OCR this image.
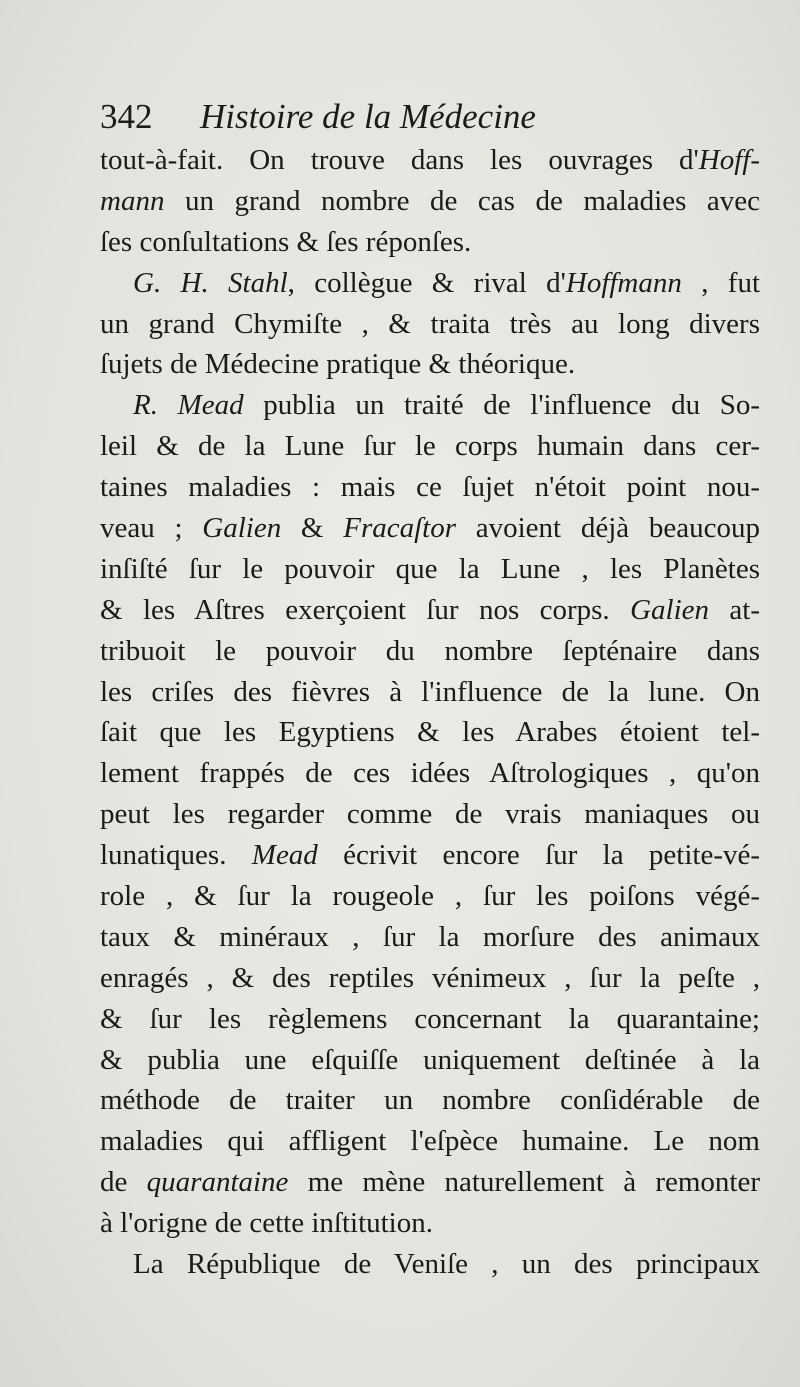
342 Histoire de la Médecine
tout-à-fait. On trouve dans les ouvrages d'Hoff-
mann un grand nombre de cas de maladies avec
ſes conſultations & ſes réponſes.
G. H. Stahl, collègue & rival d'Hoffmann , fut
un grand Chymiſte , & traita très au long divers
ſujets de Médecine pratique & théorique.
R. Mead publia un traité de l'influence du So-
leil & de la Lune ſur le corps humain dans cer-
taines maladies : mais ce ſujet n'étoit point nou-
veau ; Galien & Fracaſtor avoient déjà beaucoup
inſiſté ſur le pouvoir que la Lune , les Planètes
& les Aſtres exerçoient ſur nos corps. Galien at-
tribuoit le pouvoir du nombre ſepténaire dans
les criſes des fièvres à l'influence de la lune. On
ſait que les Egyptiens & les Arabes étoient tel-
lement frappés de ces idées Aſtrologiques , qu'on
peut les regarder comme de vrais maniaques ou
lunatiques. Mead écrivit encore ſur la petite-vé-
role , & ſur la rougeole , ſur les poiſons végé-
taux & minéraux , ſur la morſure des animaux
enragés , & des reptiles vénimeux , ſur la peſte ,
& ſur les règlemens concernant la quarantaine;
& publia une eſquiſſe uniquement deſtinée à la
méthode de traiter un nombre conſidérable de
maladies qui affligent l'eſpèce humaine. Le nom
de quarantaine me mène naturellement à remonter
à l'origne de cette inſtitution.
La République de Veniſe , un des principaux
